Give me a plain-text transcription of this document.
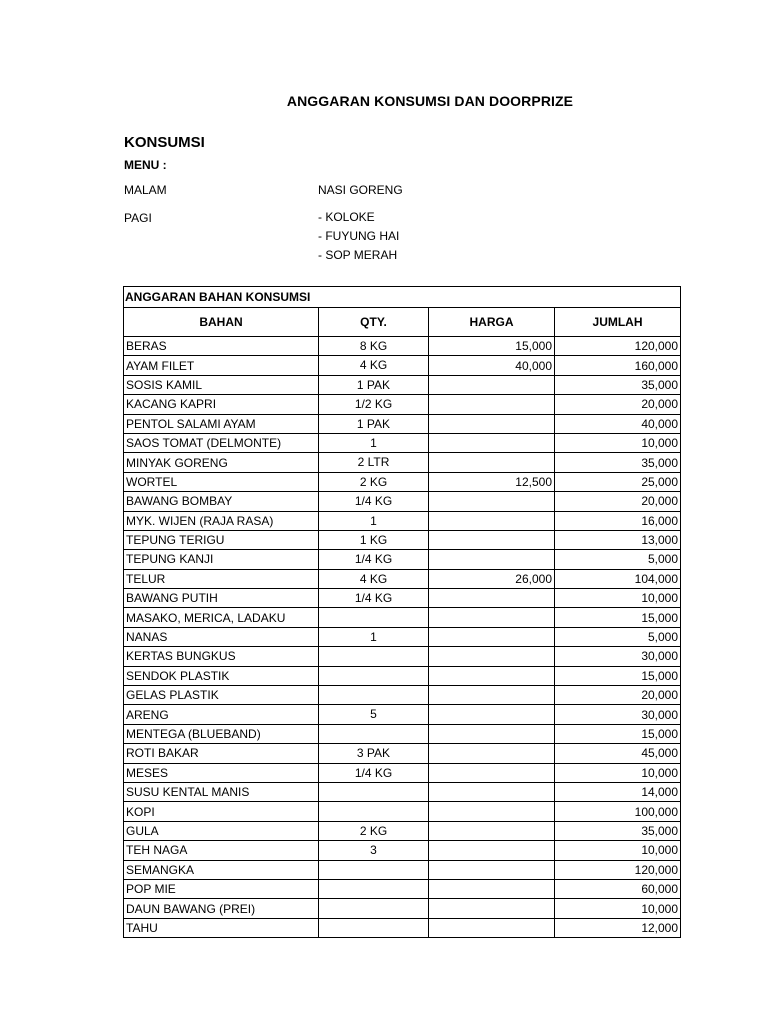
ANGGARAN KONSUMSI DAN DOORPRIZE
KONSUMSI
MENU :
MALAM	NASI GORENG
PAGI	- KOLOKE
- FUYUNG HAI
- SOP MERAH
ANGGARAN BAHAN KONSUMSI			
BAHAN	QTY.	HARGA	JUMLAH
BERAS	8 KG	15,000	120,000
AYAM FILET	4 KG	40,000	160,000
SOSIS KAMIL	1 PAK		35,000
KACANG KAPRI	1/2 KG		20,000
PENTOL SALAMI AYAM	1 PAK		40,000
SAOS TOMAT (DELMONTE)	1		10,000
MINYAK GORENG	2 LTR		35,000
WORTEL	2 KG	12,500	25,000
BAWANG BOMBAY	1/4 KG		20,000
MYK. WIJEN (RAJA RASA)	1		16,000
TEPUNG TERIGU	1 KG		13,000
TEPUNG KANJI	1/4 KG		5,000
TELUR	4 KG	26,000	104,000
BAWANG PUTIH	1/4 KG		10,000
MASAKO, MERICA, LADAKU			15,000
NANAS	1		5,000
KERTAS BUNGKUS			30,000
SENDOK PLASTIK			15,000
GELAS PLASTIK			20,000
ARENG	5		30,000
MENTEGA (BLUEBAND)			15,000
ROTI BAKAR	3 PAK		45,000
MESES	1/4 KG		10,000
SUSU KENTAL MANIS			14,000
KOPI			100,000
GULA	2 KG		35,000
TEH NAGA	3		10,000
SEMANGKA			120,000
POP MIE			60,000
DAUN BAWANG (PREI)			10,000
TAHU			12,000
